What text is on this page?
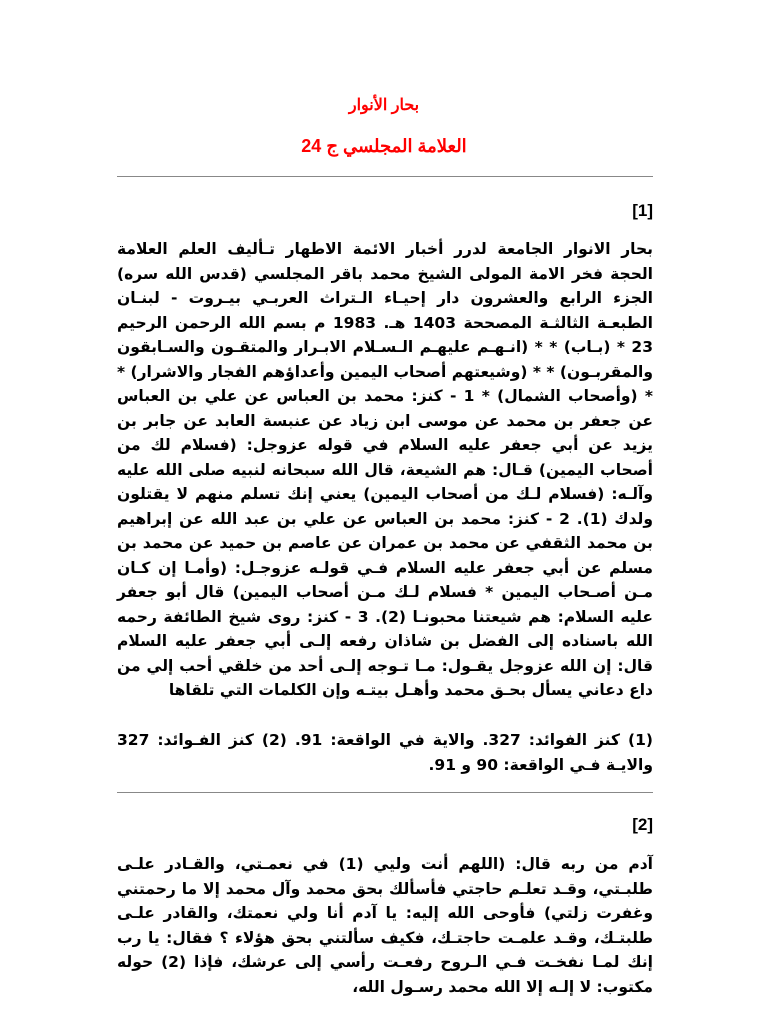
بحار الأنوار
العلامة المجلسي ج 24
[1]
بحار الانوار الجامعة لدرر أخبار الائمة الاطهار تـأليف العلم العلامة الحجة فخر الامة المولى الشيخ محمد باقر المجلسي (قدس الله سره) الجزء الرابع والعشرون دار إحيـاء الـتراث العربـي بيـروت - لبنـان الطبعـة الثالثـة المصححة 1403 هـ. 1983 م بسم الله الرحمن الرحيم 23 * (بـاب) * * (انـهـم عليهـم الـسـلام الابـرار والمتقـون والسـابقون والمقربـون) * * (وشيعتهم أصحاب اليمين وأعداؤهم الفجار والاشرار) * * (وأصحاب الشمال) * 1 - كنز: محمد بن العباس عن علي بن العباس عن جعفر بن محمد عن موسى ابن زياد عن عنبسة العابد عن جابر بن يزيد عن أبي جعفر عليه السلام في قوله عزوجل: (فسلام لك من أصحاب اليمين) قـال: هم الشيعة، قال الله سبحانه لنبيه صلى الله عليه وآلـه: (فسلام لـك من أصحاب اليمين) يعني إنك تسلم منهم لا يقتلون ولدك (1). 2 - كنز: محمد بن العباس عن علي بن عبد الله عن إبراهيم بن محمد الثقفي عن محمد بن عمران عن عاصم بن حميد عن محمد بن مسلم عن أبي جعفر عليه السلام فـي قولـه عزوجـل: (وأمـا إن كـان مـن أصـحاب اليمين * فسلام لـك مـن أصحاب اليمين) قال أبو جعفر عليه السلام: هم شيعتنا محبونـا (2). 3 - كنز: روى شيخ الطائفة رحمه الله باسناده إلى الفضل بن شاذان رفعه إلـى أبي جعفر عليه السلام قال: إن الله عزوجل يقـول: مـا تـوجه إلـى أحد من خلقي أحب إلي من داع دعاني يسأل بحـق محمد وأهـل بيتـه وإن الكلمات التي تلقاها
(1) كنز الفوائد: 327. والاية في الواقعة: 91. (2) كنز الفـوائد: 327 والايـة فـي الواقعة: 90 و 91.
[2]
آدم من ربه قال: (اللهم أنت وليي (1) في نعمـتي، والقـادر علـى طلبـتي، وقـد تعلـم حاجتي فأسألك بحق محمد وآل محمد إلا ما رحمتني وغفرت زلتي) فأوحى الله إليه: يا آدم أنا ولي نعمتك، والقادر علـى طلبتـك، وقـد علمـت حاجتـك، فكيف سألتني بحق هؤلاء ؟ فقال: يا رب إنك لمـا نفخـت فـي الـروح رفعـت رأسي إلى عرشك، فإذا (2) حوله مكتوب: لا إلـه إلا الله محمد رسـول الله،
